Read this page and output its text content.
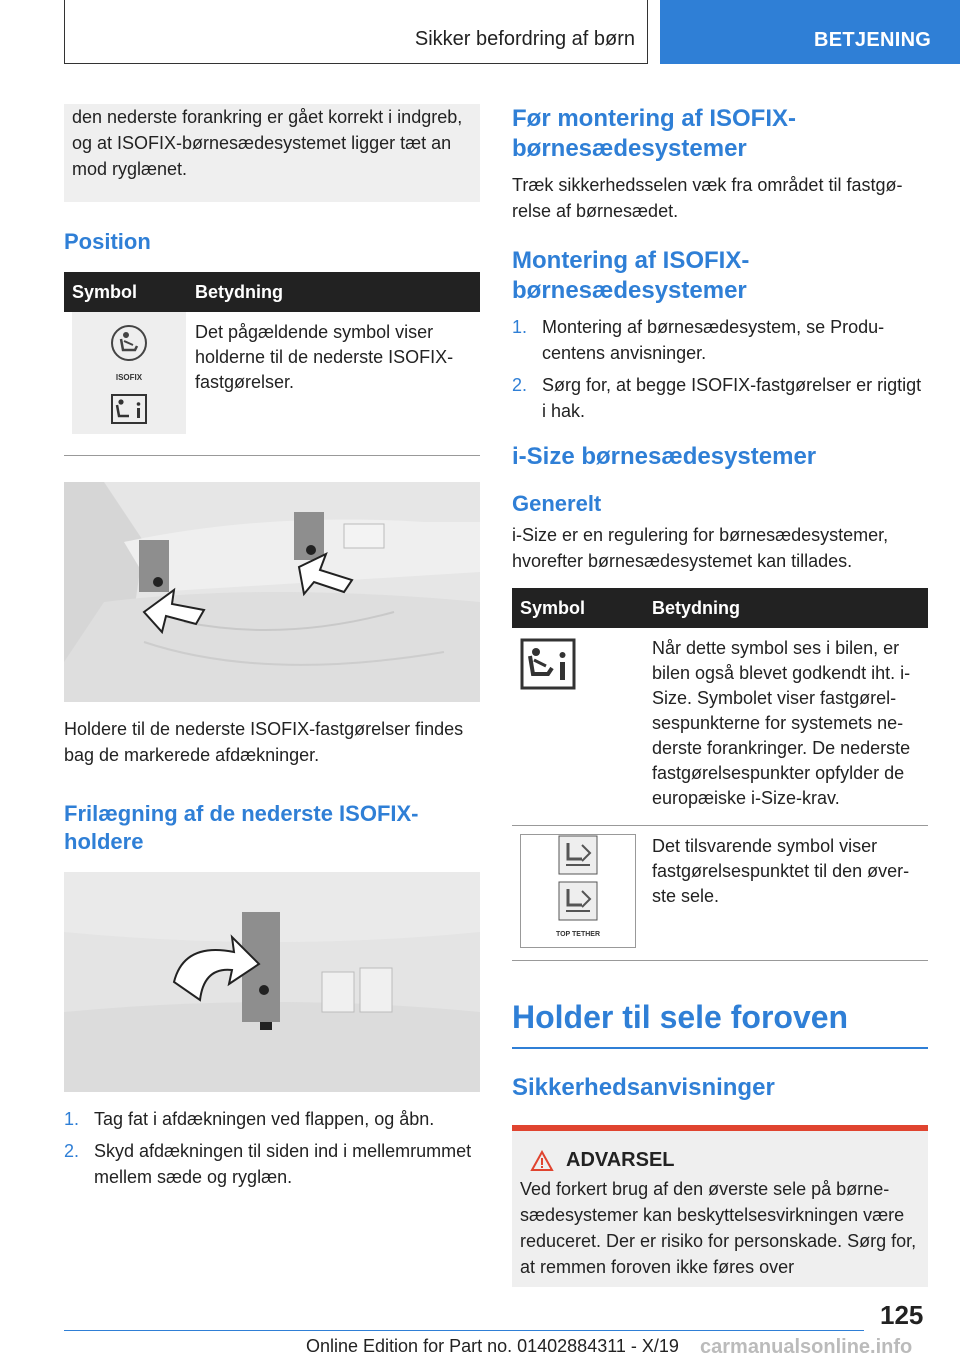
Sikker befordring af børn	BETJENING

den nederste forankring er gået korrekt i indgreb, og at ISOFIX-børnesædesystemet ligger tæt an mod ryglænet.

Position
Symbol	Betydning

ISOFIX	Det pågældende symbol viser holderne til de nederste ISOFIX-fastgørelser.

Holdere til de nederste ISOFIX-fastgørelser findes bag de markerede afdækninger.

Frilægning af de nederste ISOFIX-holdere
1. Tag fat i afdækningen ved flappen, og åbn.
2. Skyd afdækningen til siden ind i mellemrummet mellem sæde og ryglæn.
Før montering af ISOFIX-børnesædesystemer

Træk sikkerhedsselen væk fra området til fastgørelse af børnesædet.

Montering af ISOFIX-børnesædesystemer
1. Montering af børnesædesystem, se Producentens anvisninger.
2. Sørg for, at begge ISOFIX-fastgørelser er rigtigt i hak.
i-Size børnesædesystemer
Generelt

i-Size er en regulering for børnesædesystemer, hvorefter børnesædesystemet kan tillades.

Symbol	Betydning
	Når dette symbol ses i bilen, er bilen også blevet godkendt iht. i-Size. Symbolet viser fastgørelsespunkterne for systemets nederste forankringer. De nederste fastgørelsespunkter opfylder de europæiske i-Size-krav.

TOP TETHER	Det tilsvarende symbol viser fastgørelsespunktet til den øverste sele.
Holder til sele foroven
Sikkerhedsanvisninger
ADVARSEL
Ved forkert brug af den øverste sele på børnesædesystemer kan beskyttelsesvirkningen være reduceret. Der er risiko for personskade. Sørg for, at remmen foroven ikke føres over
125
Online Edition for Part no. 01402884311 - X/19 carmanualsonline.info
